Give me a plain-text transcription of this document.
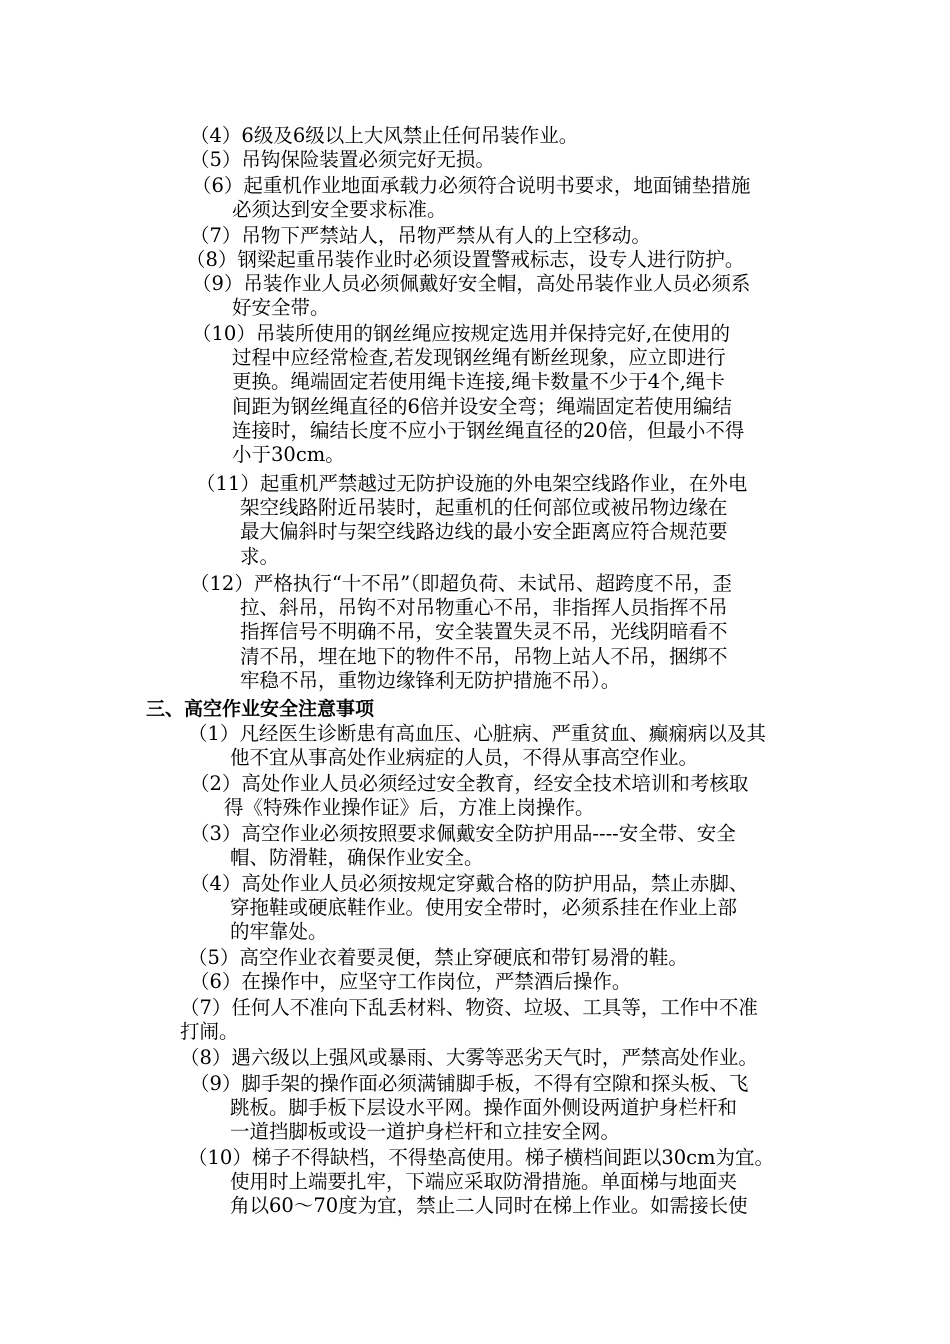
（4）6级及6级以上大风禁止任何吊装作业。
（5）吊钩保险装置必须完好无损。
（6）起重机作业地面承载力必须符合说明书要求，地面铺垫措施
必须达到安全要求标准。
（7）吊物下严禁站人，吊物严禁从有人的上空移动。
（8）钢梁起重吊装作业时必须设置警戒标志，设专人进行防护。
（9）吊装作业人员必须佩戴好安全帽，高处吊装作业人员必须系
好安全带。
（10）吊装所使用的钢丝绳应按规定选用并保持完好,在使用的
过程中应经常检查,若发现钢丝绳有断丝现象，应立即进行
更换。绳端固定若使用绳卡连接,绳卡数量不少于4个,绳卡
间距为钢丝绳直径的6倍并设安全弯；绳端固定若使用编结
连接时，编结长度不应小于钢丝绳直径的20倍，但最小不得
小于30cm。
（11）起重机严禁越过无防护设施的外电架空线路作业，在外电
架空线路附近吊装时，起重机的任何部位或被吊物边缘在
最大偏斜时与架空线路边线的最小安全距离应符合规范要
求。
（12）严格执行“十不吊”（即超负荷、未试吊、超跨度不吊，歪
拉、斜吊，吊钩不对吊物重心不吊，非指挥人员指挥不吊
指挥信号不明确不吊，安全装置失灵不吊，光线阴暗看不
清不吊，埋在地下的物件不吊，吊物上站人不吊，捆绑不
牢稳不吊，重物边缘锋利无防护措施不吊）。
三、高空作业安全注意事项
（1）凡经医生诊断患有高血压、心脏病、严重贫血、癫痫病以及其
他不宜从事高处作业病症的人员，不得从事高空作业。
（2）高处作业人员必须经过安全教育，经安全技术培训和考核取
得《特殊作业操作证》后，方准上岗操作。
（3）高空作业必须按照要求佩戴安全防护用品----安全带、安全
帽、防滑鞋，确保作业安全。
（4）高处作业人员必须按规定穿戴合格的防护用品，禁止赤脚、
穿拖鞋或硬底鞋作业。使用安全带时，必须系挂在作业上部
的牢靠处。
（5）高空作业衣着要灵便，禁止穿硬底和带钉易滑的鞋。
（6）在操作中，应坚守工作岗位，严禁酒后操作。
（7）任何人不准向下乱丢材料、物资、垃圾、工具等，工作中不准
打闹。
（8）遇六级以上强风或暴雨、大雾等恶劣天气时，严禁高处作业。
（9）脚手架的操作面必须满铺脚手板，不得有空隙和探头板、飞
跳板。脚手板下层设水平网。操作面外侧设两道护身栏杆和
一道挡脚板或设一道护身栏杆和立挂安全网。
（10）梯子不得缺档，不得垫高使用。梯子横档间距以30cm为宜。
使用时上端要扎牢，下端应采取防滑措施。单面梯与地面夹
角以60～70度为宜，禁止二人同时在梯上作业。如需接长使
